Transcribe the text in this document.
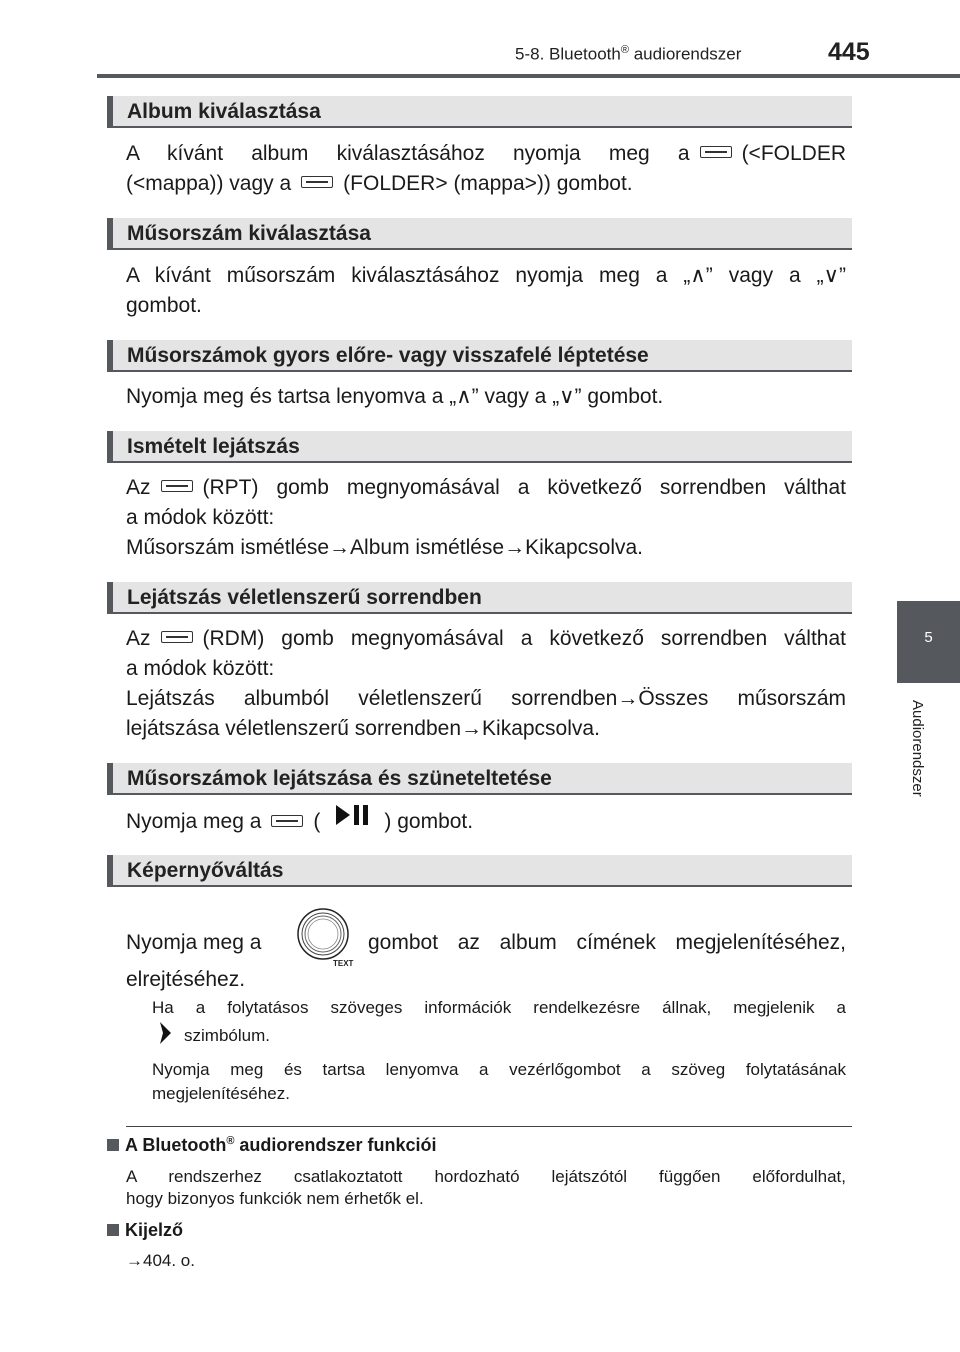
5-8. Bluetooth® audiorendszer	445
5
Audiorendszer
Album kiválasztása
A kívánt album kiválasztásához nyomja meg a (<FOLDER
(<mappa)) vagy a (FOLDER> (mappa>)) gombot.
Műsorszám kiválasztása
A kívánt műsorszám kiválasztásához nyomja meg a „∧” vagy a „∨”
gombot.
Műsorszámok gyors előre- vagy visszafelé léptetése
Nyomja meg és tartsa lenyomva a „∧” vagy a „∨” gombot.
Ismételt lejátszás
Az (RPT) gomb megnyomásával a következő sorrendben válthat
a módok között:
Műsorszám ismétlése→Album ismétlése→Kikapcsolva.
Lejátszás véletlenszerű sorrendben
Az (RDM) gomb megnyomásával a következő sorrendben válthat
a módok között:
Lejátszás albumból véletlenszerű sorrendben→Összes műsorszám
lejátszása véletlenszerű sorrendben→Kikapcsolva.
Műsorszámok lejátszása és szüneteltetése
Nyomja meg a (	) gombot.
Képernyőváltás
Nyomja meg a
TEXT
gombot az album címének megjelenítéséhez,
elrejtéséhez.
Ha a folytatásos szöveges információk rendelkezésre állnak, megjelenik a
szimbólum.
Nyomja meg és tartsa lenyomva a vezérlőgombot a szöveg folytatásának
megjelenítéséhez.
A Bluetooth® audiorendszer funkciói
A rendszerhez csatlakoztatott hordozható lejátszótól függően előfordulhat,
hogy bizonyos funkciók nem érhetők el.
Kijelző
→404. o.
